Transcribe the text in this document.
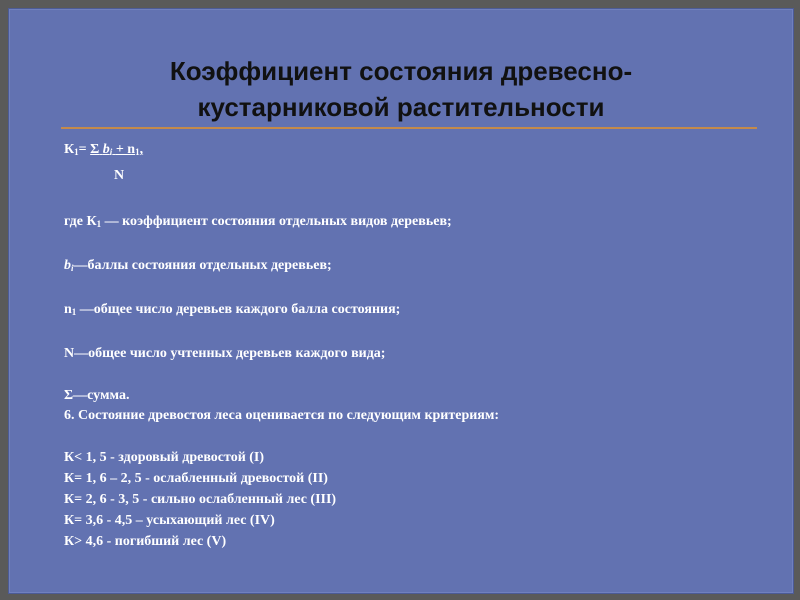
Коэффициент состояния древесно-
кустарниковой растительности
$К_1= \Sigma$ $b_i + n_1$,
N
где $К_1$ — коэффициент состояния отдельных видов деревьев;
$b_i—баллы$ состояния отдельных деревьев;
$n_1$ —общее число деревьев каждого балла состояния;
N—общее число учтенных деревьев каждого вида;
Σ—сумма.
6. Состояние древостоя леса оценивается по следующим критериям:
К< 1, 5 - здоровый древостой (I)
К= 1, 6 – 2, 5 - ослабленный древостой (II)
К= 2, 6 - 3, 5 - сильно ослабленный лес (III)
К= 3,6 - 4,5 – усыхающий лес (IV)
К> 4,6 - погибший лес (V)
